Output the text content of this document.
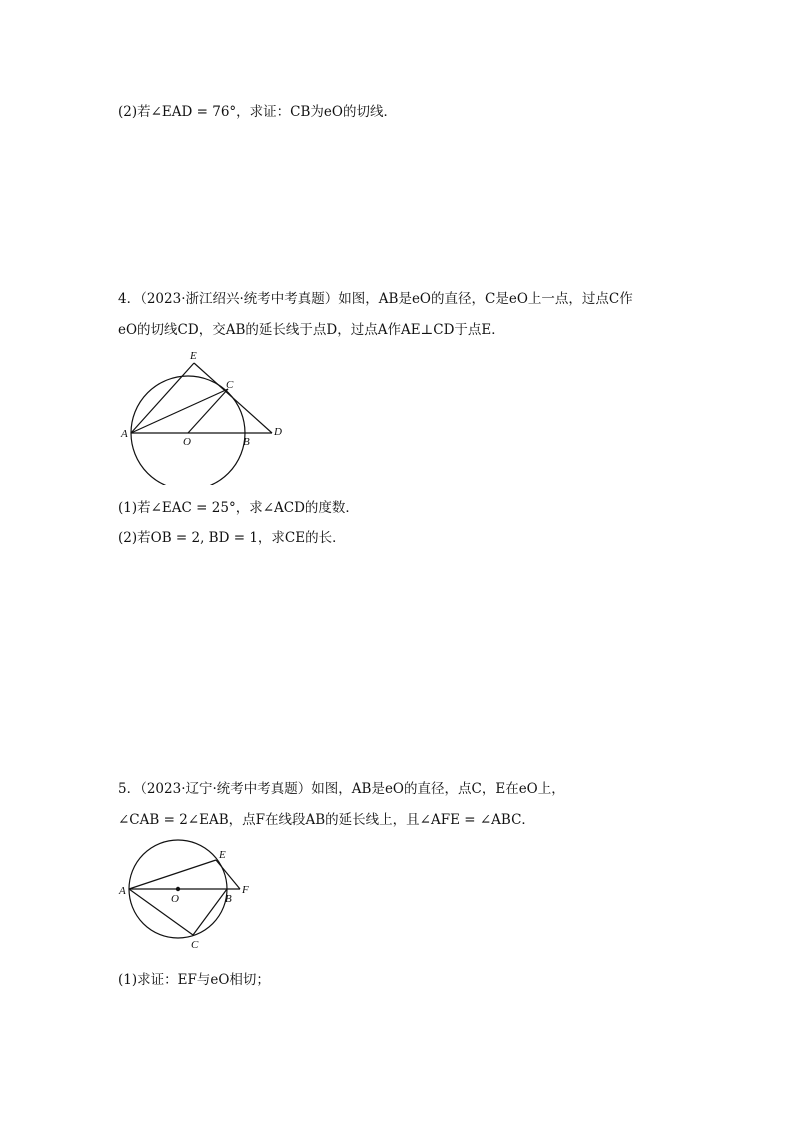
(2)若∠EAD = 76°，求证：CB为eO的切线．
4．（2023·浙江绍兴·统考中考真题）如图，AB是eO的直径，C是eO上一点，过点C作
eO的切线CD，交AB的延长线于点D，过点A作AE⊥CD于点E．
A
O	B
D
C
E
(1)若∠EAC = 25°，求∠ACD的度数．
(2)若OB = 2, BD = 1，求CE的长．
5．（2023·辽宁·统考中考真题）如图，AB是eO的直径，点C，E在eO上，
∠CAB = 2∠EAB，点F在线段AB的延长线上，且∠AFE = ∠ABC．
A
O	B
F
C
E
(1)求证：EF与eO相切；
